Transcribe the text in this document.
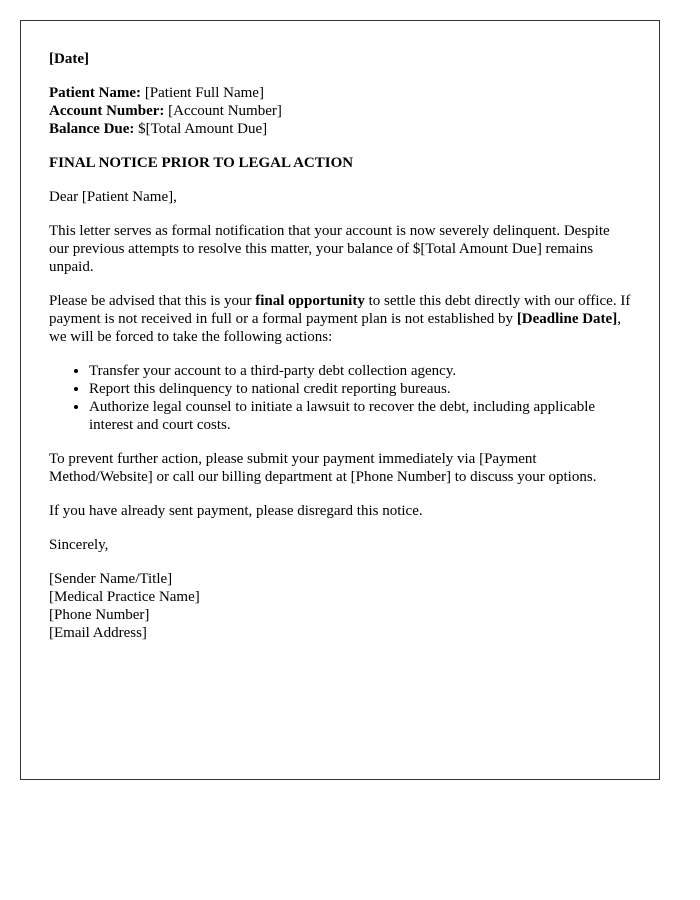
[Date]

Patient Name: [Patient Full Name]
Account Number: [Account Number]
Balance Due: $[Total Amount Due]

FINAL NOTICE PRIOR TO LEGAL ACTION

Dear [Patient Name],

This letter serves as formal notification that your account is now severely delinquent. Despite our previous attempts to resolve this matter, your balance of $[Total Amount Due] remains unpaid.

Please be advised that this is your final opportunity to settle this debt directly with our office. If payment is not received in full or a formal payment plan is not established by [Deadline Date], we will be forced to take the following actions:

• Transfer your account to a third-party debt collection agency.
• Report this delinquency to national credit reporting bureaus.
• Authorize legal counsel to initiate a lawsuit to recover the debt, including applicable interest and court costs.

To prevent further action, please submit your payment immediately via [Payment Method/Website] or call our billing department at [Phone Number] to discuss your options.

If you have already sent payment, please disregard this notice.

Sincerely,

[Sender Name/Title]
[Medical Practice Name]
[Phone Number]
[Email Address]
